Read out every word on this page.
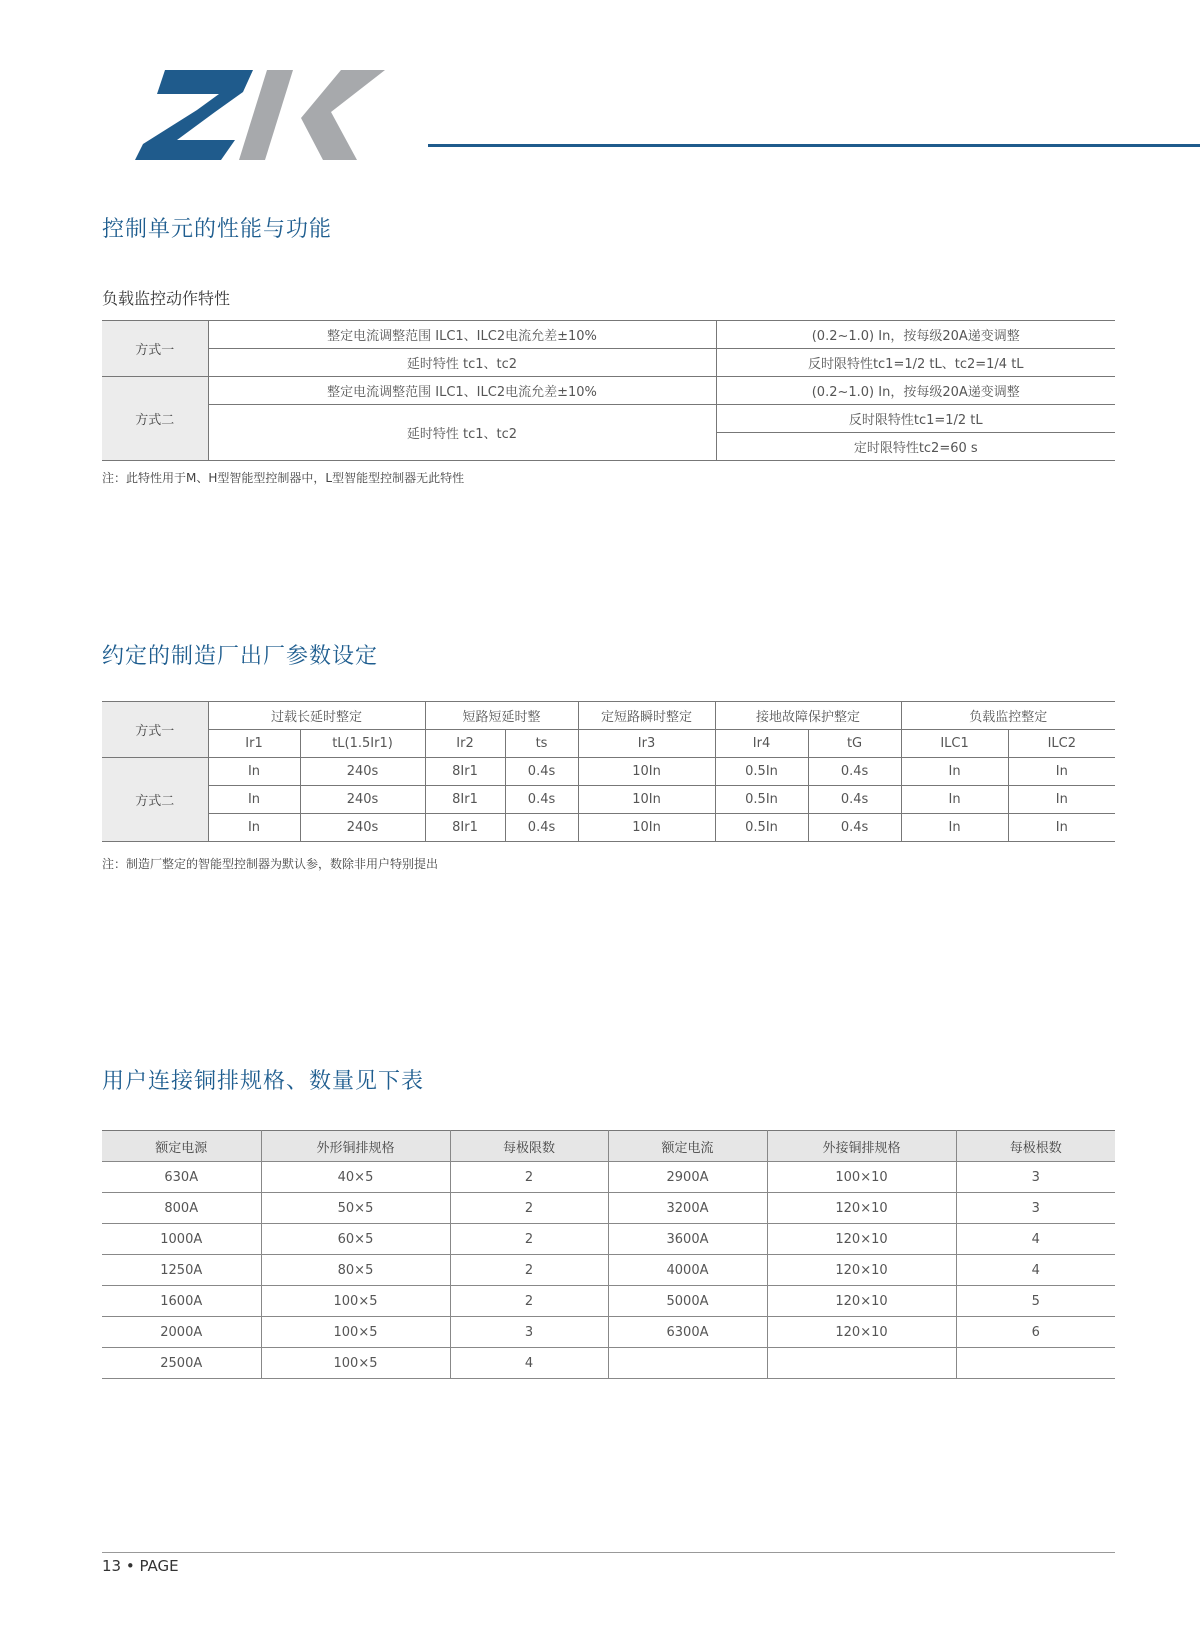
控制单元的性能与功能
负载监控动作特性
方式一	整定电流调整范围 ILC1、ILC2电流允差±10%	(0.2~1.0) In，按每级20A递变调整
	延时特性 tc1、tc2	反时限特性tc1=1/2 tL、tc2=1/4 tL
方式二	整定电流调整范围 ILC1、ILC2电流允差±10%	(0.2~1.0) In，按每级20A递变调整
	延时特性 tc1、tc2	反时限特性tc1=1/2 tL
		定时限特性tc2=60 s
注：此特性用于M、H型智能型控制器中，L型智能型控制器无此特性
约定的制造厂出厂参数设定
方式一	过载长延时整定		短路短延时整		定短路瞬时整定	接地故障保护整定		负载监控整定	
	Ir1	tL(1.5Ir1)	Ir2	ts	Ir3	Ir4	tG	ILC1	ILC2
方式二	In	240s	8Ir1	0.4s	10In	0.5In	0.4s	In	In
	In	240s	8Ir1	0.4s	10In	0.5In	0.4s	In	In
	In	240s	8Ir1	0.4s	10In	0.5In	0.4s	In	In
注：制造厂整定的智能型控制器为默认参，数除非用户特别提出
用户连接铜排规格、数量见下表
额定电源	外形铜排规格	每极限数	额定电流	外接铜排规格	每极根数
630A	40×5	2	2900A	100×10	3
800A	50×5	2	3200A	120×10	3
1000A	60×5	2	3600A	120×10	4
1250A	80×5	2	4000A	120×10	4
1600A	100×5	2	5000A	120×10	5
2000A	100×5	3	6300A	120×10	6
2500A	100×5	4			
13 • PAGE
